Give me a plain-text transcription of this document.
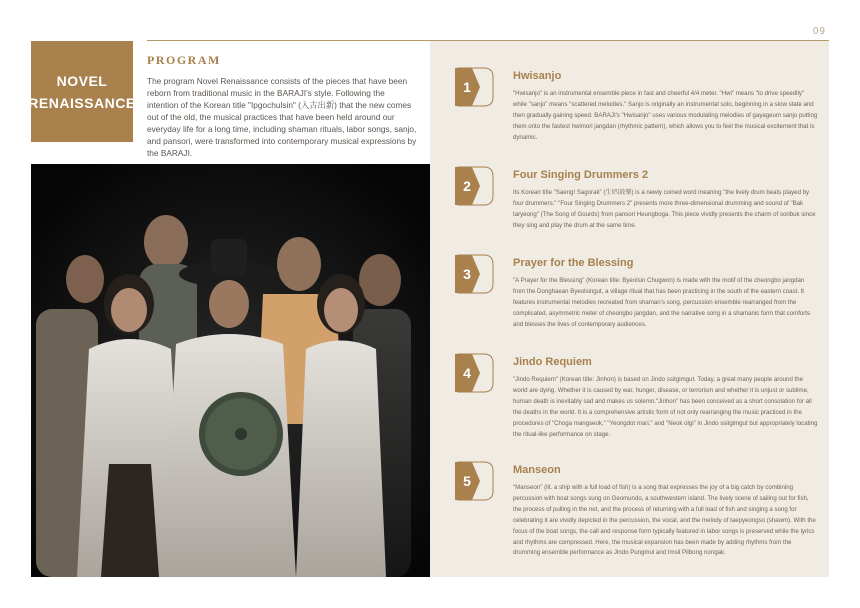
09
NOVEL
RENAISSANCE
PROGRAM

The program Novel Renaissance consists of the pieces that have been reborn from traditional music in the BARAJI's style. Following the intention of the Korean title "Ipgochulsin" (入古出新) that the new comes out of the old, the musical practices that have been held around our everyday life for a long time, including shaman rituals, labor songs, sanjo, and pansori, were transformed into contemporary musical expressions by the BARAJI.

1
Hwisanjo

"Hwisanjo" is an instrumental ensemble piece in fast and cheerful 4/4 meter. "Hwi" means "to drive speedily" while "sanjo" means "scattered melodies." Sanjo is originally an instrumental solo, beginning in a slow state and then gradually gaining speed. BARAJI's "Hwisanjo" uses various modulating melodies of gayageum sanjo putting them onto the fastest hwimori jangdan (rhythmic pattern), which allows you to feel the musical excitement that is dynamic.

2
Four Singing Drummers 2

Its Korean title "Saeng! Sagorak" (生!四鼓樂) is a newly coined word meaning "the lively drum beats played by four drummers." "Four Singing Drummers 2" presents more three-dimensional drumming and sound of "Bak taryeong" (The Song of Gourds) from pansori Heungboga. This piece vividly presents the charm of soribuk since they sing and play the drum at the same time.

3
Prayer for the Blessing

"A Prayer for the Blessing" (Korean title: Byeolsin Chugwon) is made with the motif of the cheongbo jangdan from the Donghaean Byeolsingut, a village ritual that has been practicing in the south of the eastern coast. It features instrumental melodies recreated from shaman's song, percussion ensemble rearranged from the complicated, asymmetric meter of cheongbo jangdan, and the narrative song in a shamanic form that comforts and blesses the lives of contemporary audiences.

4
Jindo Requiem

"Jindo Requiem" (Korean title: Jinhon) is based on Jindo ssitgimgut. Today, a great many people around the world are dying. Whether it is caused by war, hunger, disease, or terrorism and whether it is unjust or sublime, human death is inevitably sad and makes us solemn."Jinhon" has been conceived as a short consolation for all the deaths in the world. It is a comprehensive artistic form of not only rearranging the music practiced in the procedures of "Choga mangseok," "Yeongdot mari," and "Neok olgi" in Jindo ssitgimgut but appropriately locating the ritual-like performance on stage.

5
Manseon

"Manseon" (lit. a ship with a full load of fish) is a song that expresses the joy of a big catch by combining percussion with boat songs sung on Geomundo, a southwestern island. The lively scene of sailing out for fish, the process of pulling in the net, and the process of returning with a full load of fish and singing a song for celebrating it are vividly depicted in the percussion, the vocal, and the melody of taepyeongso (shawm). With the focus of the boat songs, the call and response form typically featured in labor songs is preserved while the lyrics and rhythms are compressed. Here, the musical expansion has been made by adding rhythms from the drumming ensemble performance as Jindo Pungmul and Imsil Pilbong nongak.
